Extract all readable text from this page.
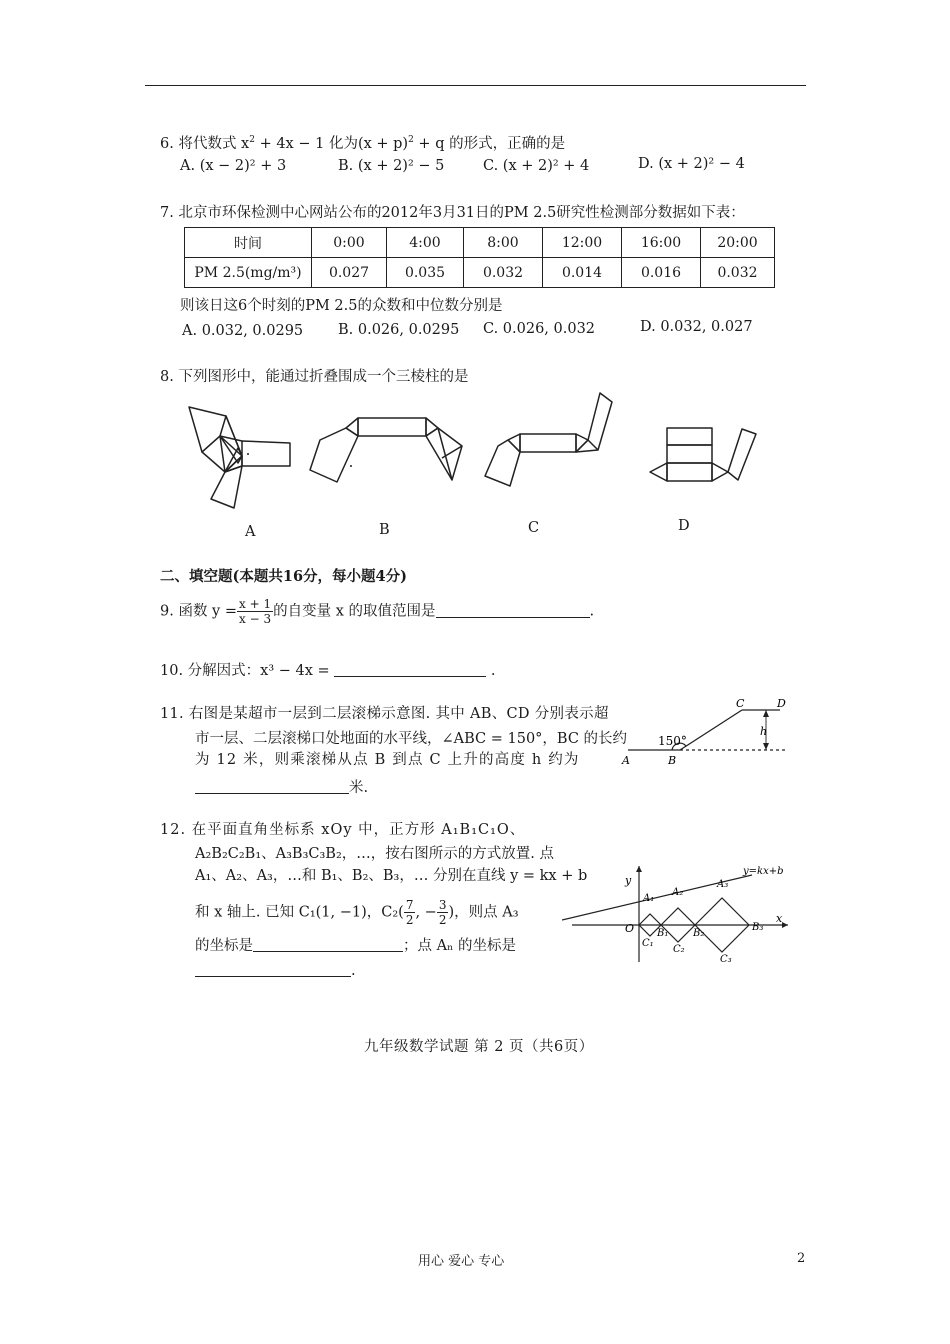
6. 将代数式 $x^2 + 4x - 1$ 化为$(x + p)^2 + q$ 的形式，正确的是
A. (x − 2)² + 3	B. (x + 2)² − 5	C. (x + 2)² + 4	D. (x + 2)² − 4
7. 北京市环保检测中心网站公布的2012年3月31日的PM 2.5研究性检测部分数据如下表：
时间	0:00	4:00	8:00	12:00	16:00	20:00
PM 2.5(mg/m³)	0.027	0.035	0.032	0.014	0.016	0.032
则该日这6个时刻的PM 2.5的众数和中位数分别是
A. 0.032, 0.0295 B. 0.026, 0.0295 C. 0.026, 0.032	D. 0.032, 0.027
8. 下列图形中，能通过折叠围成一个三棱柱的是
A	B	C	D
二、填空题(本题共16分，每小题4分)
9. 函数 $y = \frac{x + 1}{x - 3}$ 的自变量 x 的取值范围是	.
10. 分解因式：x³ − 4x =	.
11. 右图是某超市一层到二层滚梯示意图. 其中 AB、CD 分别表示超
市一层、二层滚梯口处地面的水平线，∠ABC = 150°，BC 的长约
为 12 米，则乘滚梯从点 B 到点 C 上升的高度 h 约为
米.
150°
A	B
C	D
h
12. 在平面直角坐标系 xOy 中，正方形 A₁B₁C₁O、
A₂B₂C₂B₁、A₃B₃C₃B₂，…，按右图所示的方式放置. 点
A₁、A₂、A₃，…和 B₁、B₂、B₃，… 分别在直线 y = kx + b
和 x 轴上. 已知 C₁(1, −1)，$C_2( \frac{7}{2}$ , − $\frac{3}{2}$ )，则点 A₃
的坐标是	；点 Aₙ 的坐标是
.
y=kx+b
y
x
O
A₁
A₂
A₃
B₁ B₂
B₃
C₁
C₂
C₃
九年级数学试题 第 2 页（共6页）
用心 爱心 专心	2
